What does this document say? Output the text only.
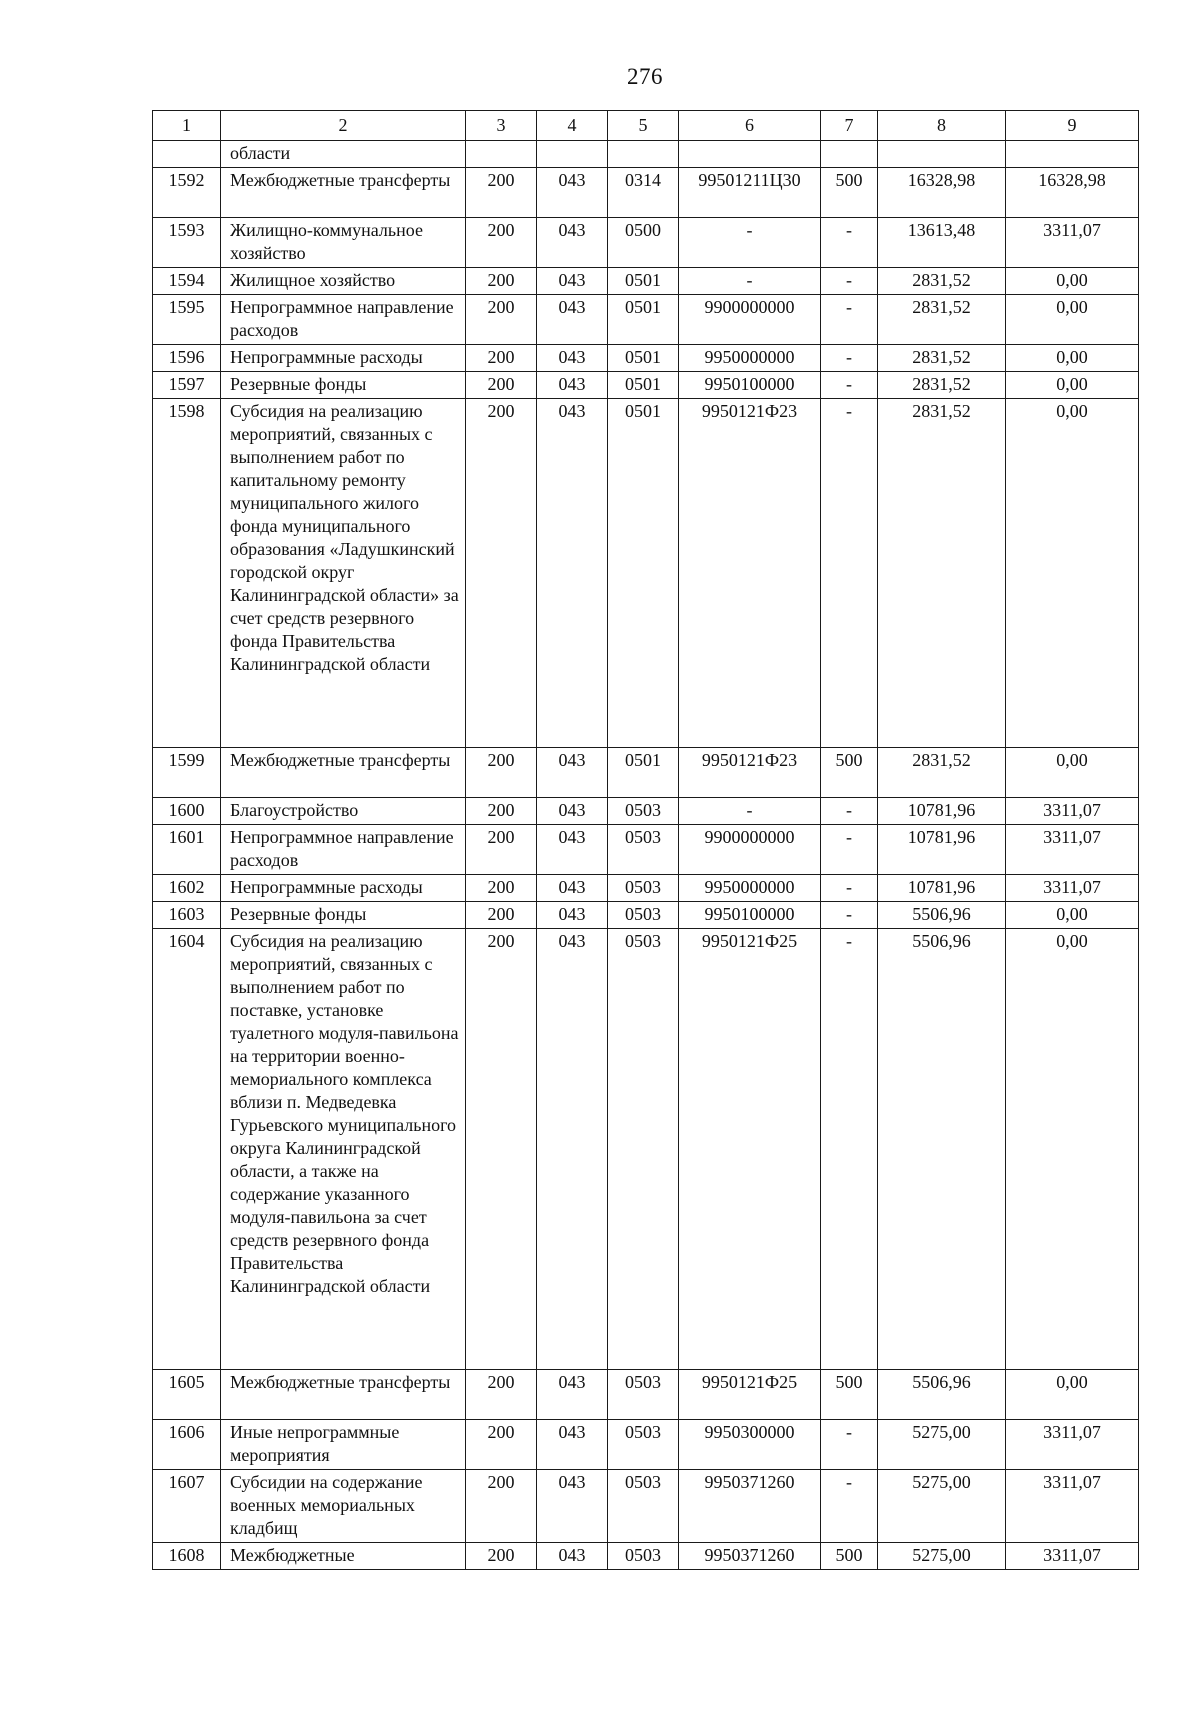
276
1	2	3	4	5	6	7	8	9
	области							
1592	Межбюджетные трансферты	200	043	0314	99501211Ц30	500	16328,98	16328,98
1593	Жилищно-коммунальное хозяйство	200	043	0500	-	-	13613,48	3311,07
1594	Жилищное хозяйство	200	043	0501	-	-	2831,52	0,00
1595	Непрограммное направление расходов	200	043	0501	9900000000	-	2831,52	0,00
1596	Непрограммные расходы	200	043	0501	9950000000	-	2831,52	0,00
1597	Резервные фонды	200	043	0501	9950100000	-	2831,52	0,00
1598	Субсидия на реализацию мероприятий, связанных с выполнением работ по капитальному ремонту муниципального жилого фонда муниципального образования «Ладушкинский городской округ Калининградской области» за счет средств резервного фонда Правительства Калининградской области	200	043	0501	9950121Ф23	-	2831,52	0,00
1599	Межбюджетные трансферты	200	043	0501	9950121Ф23	500	2831,52	0,00
1600	Благоустройство	200	043	0503	-	-	10781,96	3311,07
1601	Непрограммное направление расходов	200	043	0503	9900000000	-	10781,96	3311,07
1602	Непрограммные расходы	200	043	0503	9950000000	-	10781,96	3311,07
1603	Резервные фонды	200	043	0503	9950100000	-	5506,96	0,00
1604	Субсидия на реализацию мероприятий, связанных с выполнением работ по поставке, установке туалетного модуля-павильона на территории военно-мемориального комплекса вблизи п. Медведевка Гурьевского муниципального округа Калининградской области, а также на содержание указанного модуля-павильона за счет средств резервного фонда Правительства Калининградской области	200	043	0503	9950121Ф25	-	5506,96	0,00
1605	Межбюджетные трансферты	200	043	0503	9950121Ф25	500	5506,96	0,00
1606	Иные непрограммные мероприятия	200	043	0503	9950300000	-	5275,00	3311,07
1607	Субсидии на содержание военных мемориальных кладбищ	200	043	0503	9950371260	-	5275,00	3311,07
1608	Межбюджетные	200	043	0503	9950371260	500	5275,00	3311,07
